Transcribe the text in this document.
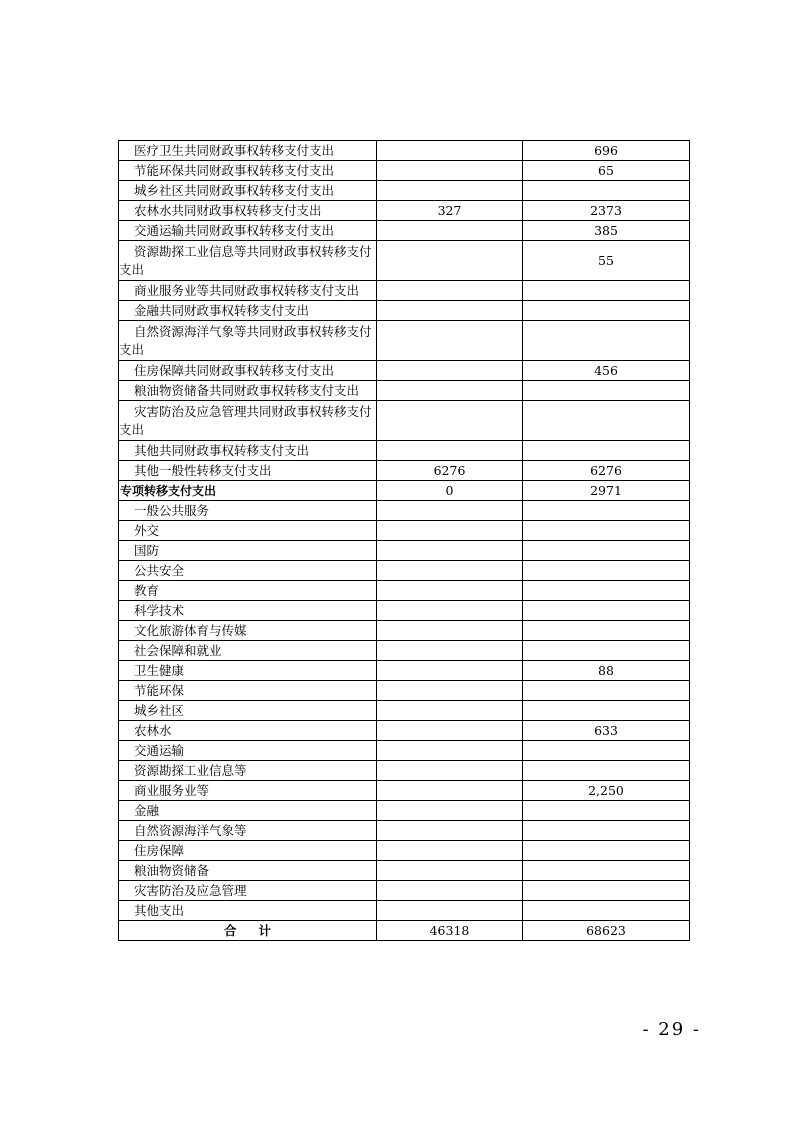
医疗卫生共同财政事权转移支付支出		696
节能环保共同财政事权转移支付支出		65
城乡社区共同财政事权转移支付支出		
农林水共同财政事权转移支付支出	327	2373
交通运输共同财政事权转移支付支出		385
资源勘探工业信息等共同财政事权转移支付支出		55
商业服务业等共同财政事权转移支付支出		
金融共同财政事权转移支付支出		
自然资源海洋气象等共同财政事权转移支付支出		
住房保障共同财政事权转移支付支出		456
粮油物资储备共同财政事权转移支付支出		
灾害防治及应急管理共同财政事权转移支付支出		
其他共同财政事权转移支付支出		
其他一般性转移支付支出	6276	6276
专项转移支付支出	0	2971
一般公共服务		
外交		
国防		
公共安全		
教育		
科学技术		
文化旅游体育与传媒		
社会保障和就业		
卫生健康		88
节能环保		
城乡社区		
农林水		633
交通运输		
资源勘探工业信息等		
商业服务业等		2,250
金融		
自然资源海洋气象等		
住房保障		
粮油物资储备		
灾害防治及应急管理		
其他支出		
合计	46318	68623
- 29 -
